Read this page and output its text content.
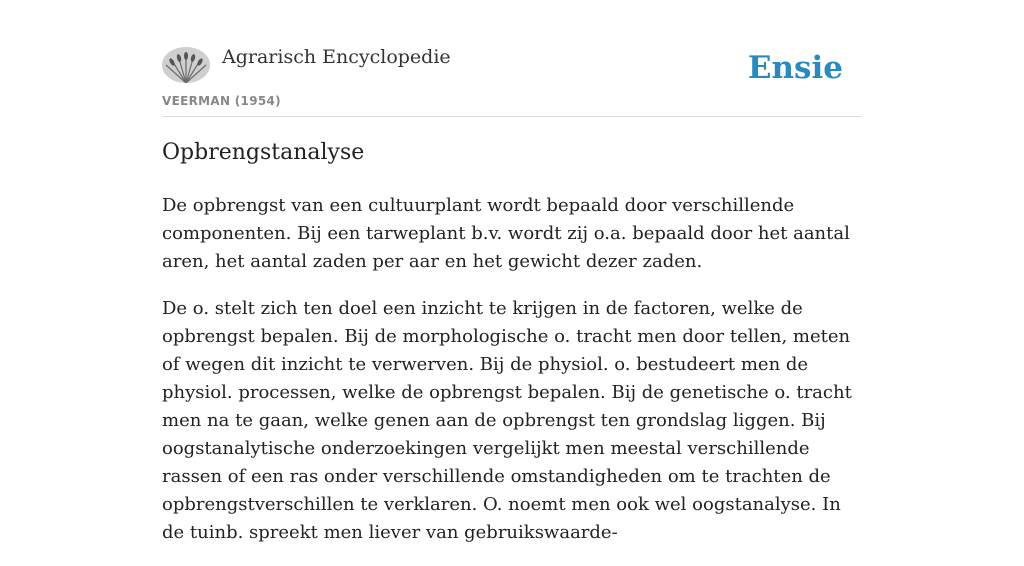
Agrarisch Encyclopedie
VEERMAN (1954)
Ensie
Opbrengstanalyse

De opbrengst van een cultuurplant wordt bepaald door verschillende componenten. Bij een tarweplant b.v. wordt zij o.a. bepaald door het aantal aren, het aantal zaden per aar en het gewicht dezer zaden.

De o. stelt zich ten doel een inzicht te krijgen in de factoren, welke de opbrengst bepalen. Bij de morphologische o. tracht men door tellen, meten of wegen dit inzicht te verwerven. Bij de physiol. o. bestudeert men de physiol. processen, welke de opbrengst bepalen. Bij de genetische o. tracht men na te gaan, welke genen aan de opbrengst ten grondslag liggen. Bij oogstanalytische onderzoekingen vergelijkt men meestal verschillende rassen of een ras onder verschillende omstandigheden om te trachten de opbrengstverschillen te verklaren. O. noemt men ook wel oogstanalyse. In de tuinb. spreekt men liever van gebruikswaarde-
